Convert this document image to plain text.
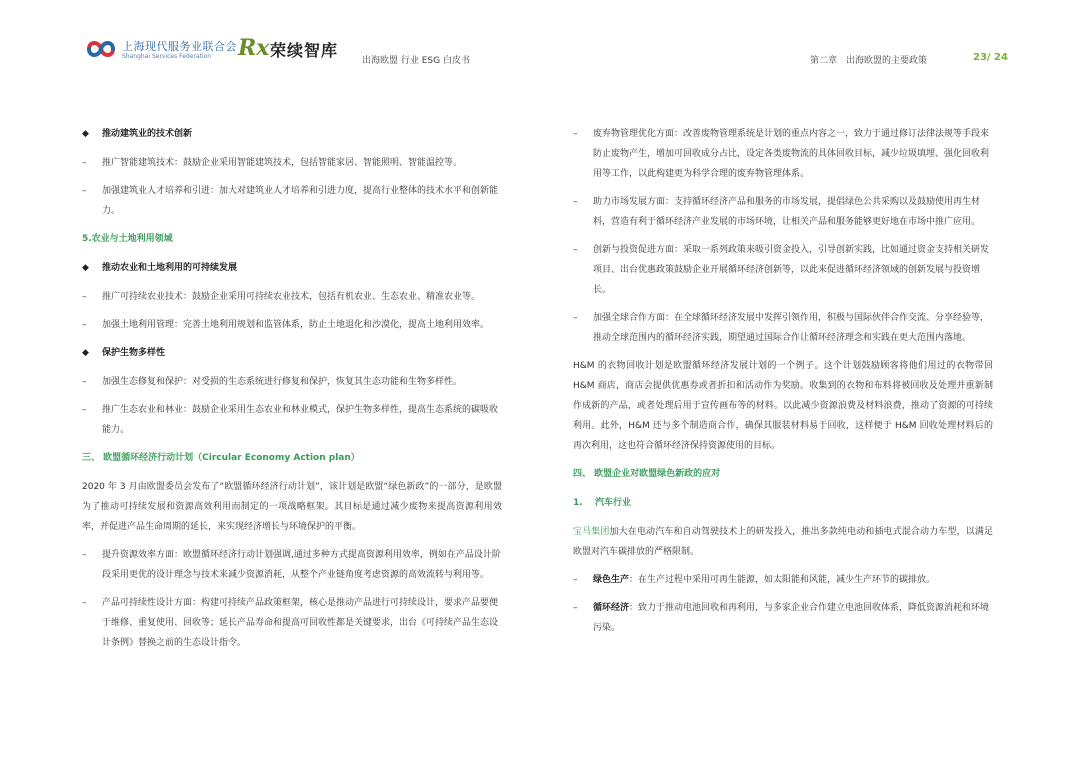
上海现代服务业联合会
Shanghai Services Federation Rx 荣续智库
出海欧盟 行业 ESG 白皮书	第二章　出海欧盟的主要政策	23/ 24
◆ 推动建筑业的技术创新
– 推广智能建筑技术：鼓励企业采用智能建筑技术，包括智能家居、智能照明、智能温控等。
– 加强建筑业人才培养和引进：加大对建筑业人才培养和引进力度，提高行业整体的技术水平和创新能力。
5.农业与土地利用领域
◆ 推动农业和土地利用的可持续发展
– 推广可持续农业技术：鼓励企业采用可持续农业技术，包括有机农业、生态农业、精准农业等。
– 加强土地利用管理：完善土地利用规划和监管体系，防止土地退化和沙漠化，提高土地利用效率。
◆ 保护生物多样性
– 加强生态修复和保护：对受损的生态系统进行修复和保护，恢复其生态功能和生物多样性。
– 推广生态农业和林业：鼓励企业采用生态农业和林业模式，保护生物多样性，提高生态系统的碳吸收能力。
三、 欧盟循环经济行动计划（Circular Economy Action plan）
2020 年 3 月由欧盟委员会发布了“欧盟循环经济行动计划”，该计划是欧盟“绿色新政”的一部分，是欧盟为了推动可持续发展和资源高效利用而制定的一项战略框架。其目标是通过减少废物来提高资源利用效率，并促进产品生命周期的延长，来实现经济增长与环境保护的平衡。
– 提升资源效率方面：欧盟循环经济行动计划强调,通过多种方式提高资源利用效率，例如在产品设计阶段采用更优的设计理念与技术来减少资源消耗，从整个产业链角度考虑资源的高效流转与利用等。
– 产品可持续性设计方面：构建可持续产品政策框架，核心是推动产品进行可持续设计，要求产品要便于维修、重复使用、回收等；延长产品寿命和提高可回收性都是关键要求，出台《可持续产品生态设计条例》替换之前的生态设计指令。
– 废弃物管理优化方面：改善废物管理系统是计划的重点内容之一，致力于通过修订法律法规等手段来防止废物产生，增加可回收成分占比，设定各类废物流的具体回收目标，减少垃圾填埋、强化回收利用等工作，以此构建更为科学合理的废弃物管理体系。
– 助力市场发展方面：支持循环经济产品和服务的市场发展，提倡绿色公共采购以及鼓励使用再生材料，营造有利于循环经济产业发展的市场环境，让相关产品和服务能够更好地在市场中推广应用。
– 创新与投资促进方面：采取一系列政策来吸引资金投入，引导创新实践，比如通过资金支持相关研发项目、出台优惠政策鼓励企业开展循环经济创新等，以此来促进循环经济领域的创新发展与投资增长。
– 加强全球合作方面：在全球循环经济发展中发挥引领作用，积极与国际伙伴合作交流、分享经验等，推动全球范围内的循环经济实践，期望通过国际合作让循环经济理念和实践在更大范围内落地。
H&M 的衣物回收计划是欧盟循环经济发展计划的一个例子。这个计划鼓励顾客将他们用过的衣物带回 H&M 商店，商店会提供优惠券或者折扣和活动作为奖励。收集到的衣物和布料将被回收及处理并重新制作成新的产品，或者处理后用于宣传画布等的材料。以此减少资源浪费及材料浪费，推动了资源的可持续利用。此外，H&M 还与多个制造商合作，确保其服装材料易于回收，这样便于 H&M 回收处理材料后的再次利用，这也符合循环经济保持资源使用的目标。
四、 欧盟企业对欧盟绿色新政的应对
1. 汽车行业
宝马集团加大在电动汽车和自动驾驶技术上的研发投入，推出多款纯电动和插电式混合动力车型，以满足欧盟对汽车碳排放的严格限制。
– 绿色生产：在生产过程中采用可再生能源，如太阳能和风能，减少生产环节的碳排放。
– 循环经济：致力于推动电池回收和再利用，与多家企业合作建立电池回收体系，降低资源消耗和环境污染。
